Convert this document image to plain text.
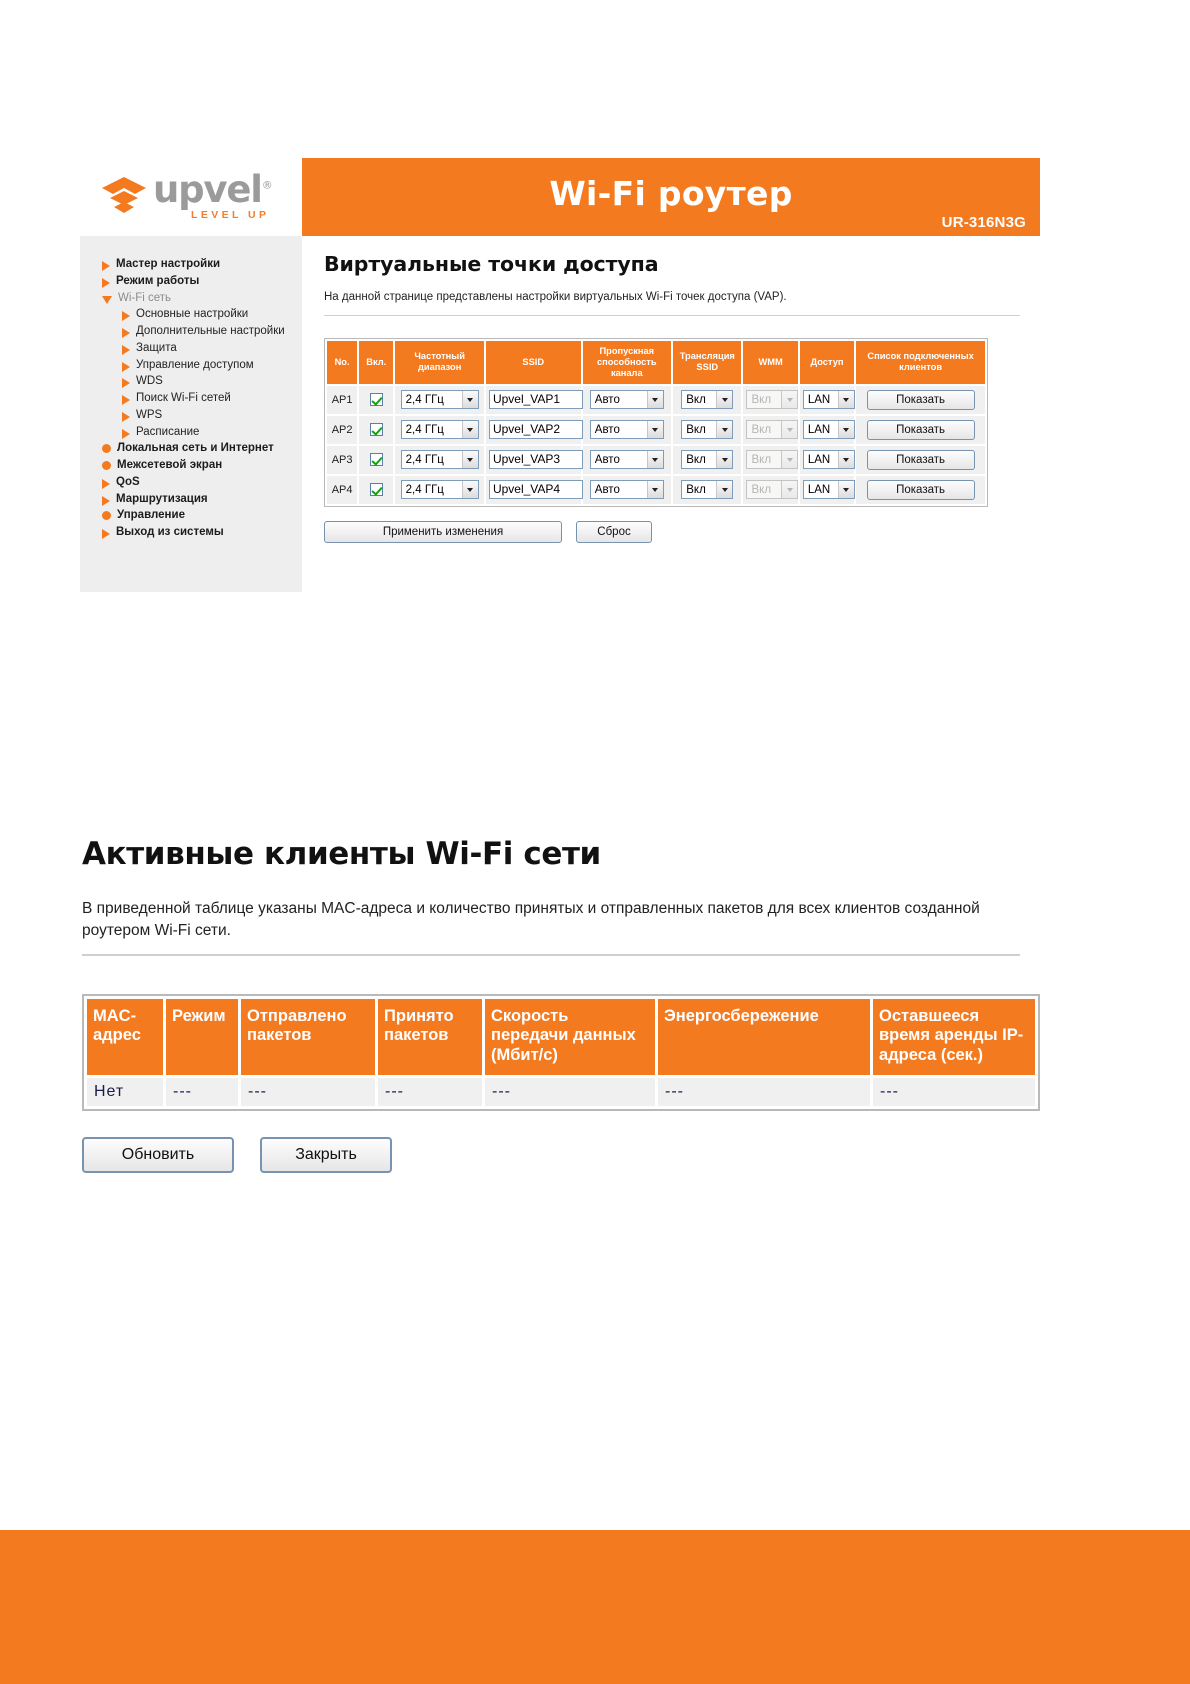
upvel®
LEVEL UP
Wi-Fi роутер
UR-316N3G
Мастер настройки
Режим работы
Wi-Fi сеть
Основные настройки
Дополнительные настройки
Защита
Управление доступом
WDS
Поиск Wi-Fi сетей
WPS
Расписание
Локальная сеть и Интернет
Межсетевой экран
QoS
Маршрутизация
Управление
Выход из системы
Виртуальные точки доступа

На данной странице представлены настройки виртуальных Wi-Fi точек доступа (VAP).

No.	Вкл.	Частотный диапазон	SSID	Пропускная способность канала	Трансляция SSID	WMM	Доступ	Список подключенных клиентов
AP1		2,4 ГГц	Upvel_VAP1	Авто	Вкл	Вкл	LAN	Показать
AP2		2,4 ГГц	Upvel_VAP2	Авто	Вкл	Вкл	LAN	Показать
AP3		2,4 ГГц	Upvel_VAP3	Авто	Вкл	Вкл	LAN	Показать
AP4		2,4 ГГц	Upvel_VAP4	Авто	Вкл	Вкл	LAN	Показать
Применить изменения	Сброс
Активные клиенты Wi-Fi сети

В приведенной таблице указаны MAC-адреса и количество принятых и отправленных пакетов для всех клиентов созданной роутером Wi-Fi сети.

MAC-адрес	Режим	Отправлено пакетов	Принято пакетов	Скорость передачи данных (Мбит/с)	Энергосбережение	Оставшееся время аренды IP-адреса (сек.)
Нет	---	---	---	---	---	---
Обновить	Закрыть
